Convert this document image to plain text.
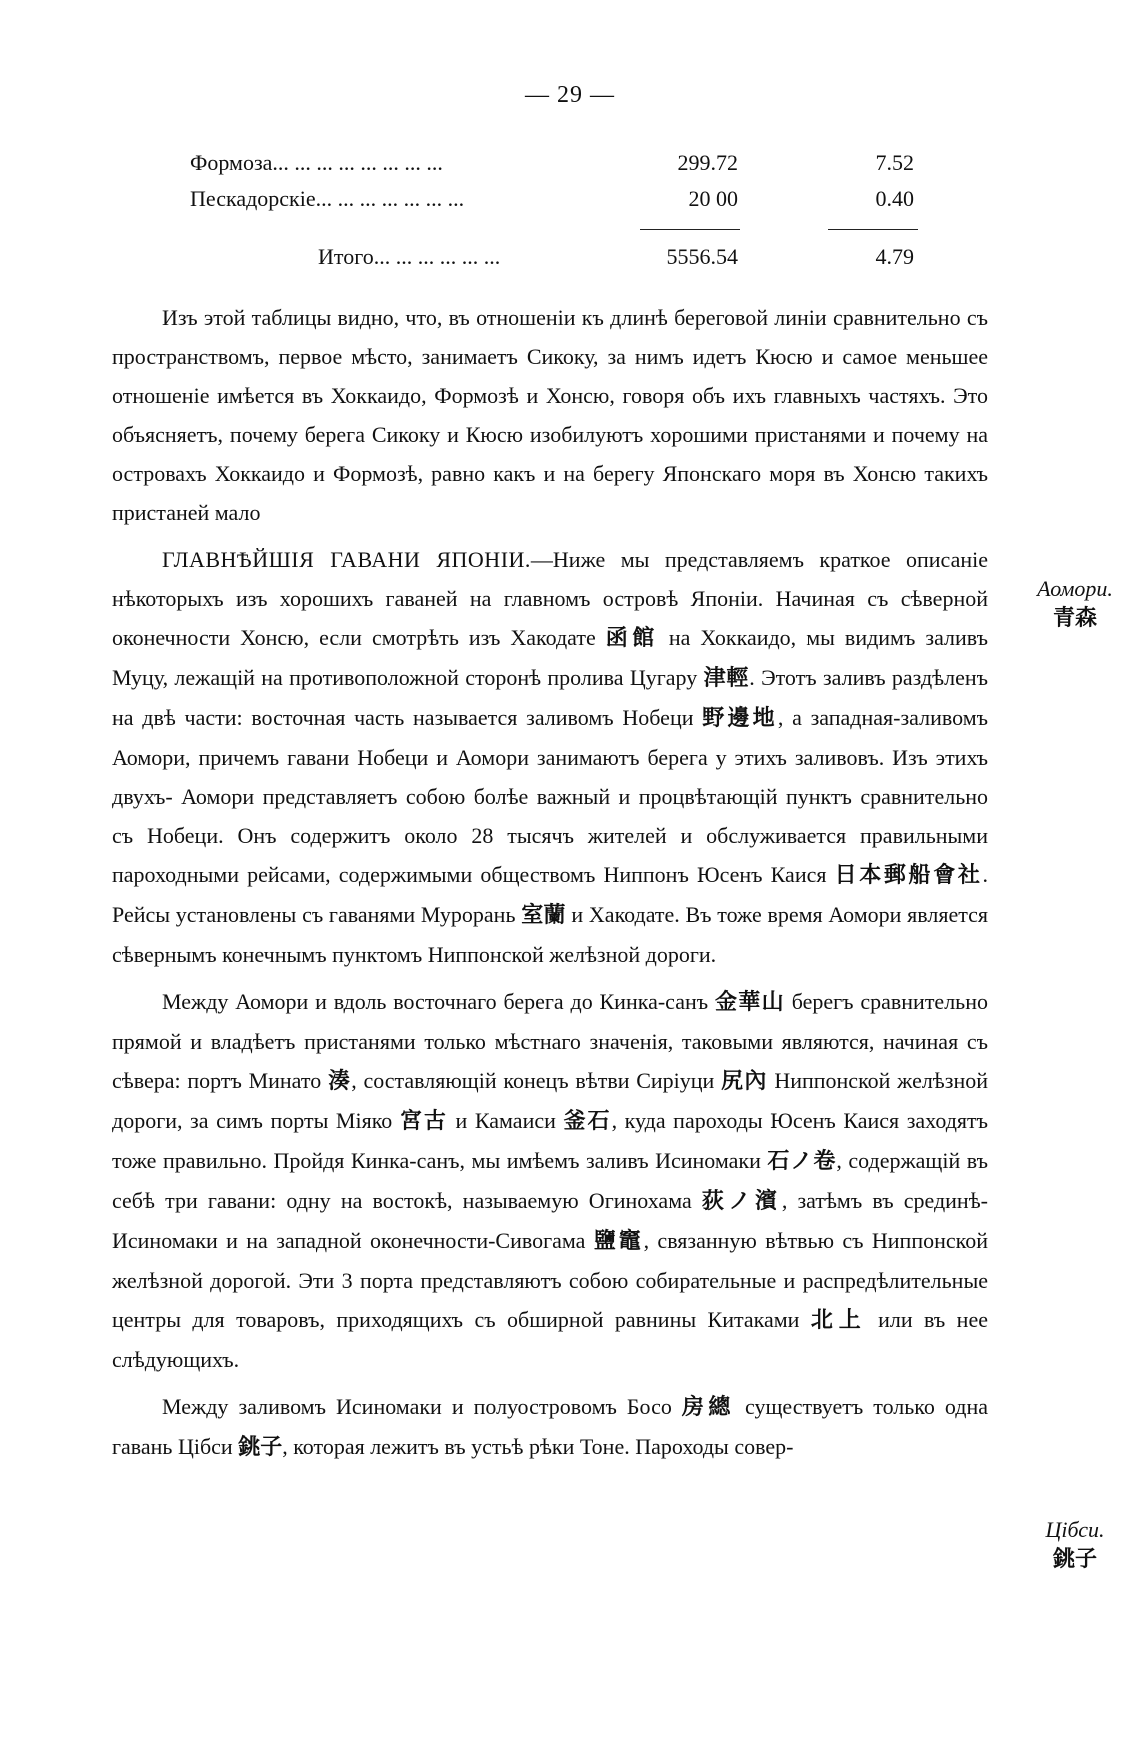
— 29 —
Формоза... ... ... ... ... ... ... ...	299.72	7.52
Пескадорскіе... ... ... ... ... ... ...	20 00	0.40
Итого... ... ... ... ... ...	5556.54	4.79

Изъ этой таблицы видно, что, въ отношеніи къ длинѣ береговой линіи сравнительно съ пространствомъ, первое мѣсто, занимаетъ Сикоку, за нимъ идетъ Кюсю и самое меньшее отношеніе имѣется въ Хоккаидо, Формозѣ и Хонсю, говоря объ ихъ главныхъ частяхъ. Это объясняетъ, почему берега Сикоку и Кюсю изобилуютъ хорошими пристанями и почему на островахъ Хоккаидо и Формозѣ, равно какъ и на берегу Японскаго моря въ Хонсю такихъ пристаней мало

ГЛАВНѢЙШІЯ ГАВАНИ ЯПОНІИ.—Ниже мы представляемъ краткое описаніе нѣкоторыхъ изъ хорошихъ гаваней на главномъ островѣ Японіи. Начиная съ сѣверной оконечности Хонсю, если смотрѣть изъ Хакодате 函館 на Хоккаидо, мы видимъ заливъ Муцу, лежащій на противоположной сторонѣ пролива Цугару 津輕. Этотъ заливъ раздѣленъ на двѣ части: восточная часть называется заливомъ Нобеци 野邊地, а западная-заливомъ Аомори, причемъ гавани Нобеци и Аомори занимаютъ берега у этихъ заливовъ. Изъ этихъ двухъ- Аомори представляетъ собою болѣе важный и процвѣтающій пунктъ сравнительно съ Нобеци. Онъ содержитъ около 28 тысячъ жителей и обслуживается правильными пароходными рейсами, содержимыми обществомъ Ниппонъ Юсенъ Каися 日本郵船會社. Рейсы установлены съ гаванями Мурорань 室蘭 и Хакодате. Въ тоже время Аомори является сѣвернымъ конечнымъ пунктомъ Ниппонской желѣзной дороги.

Между Аомори и вдоль восточнаго берега до Кинка-санъ 金華山 берегъ сравнительно прямой и владѣетъ пристанями только мѣстнаго значенія, таковыми являются, начиная съ сѣвера: портъ Минато 湊, составляющій конецъ вѣтви Сиріуци 尻內 Ниппонской желѣзной дороги, за симъ порты Міяко 宮古 и Камаиси 釜石, куда пароходы Юсенъ Каися заходятъ тоже правильно. Пройдя Кинка-санъ, мы имѣемъ заливъ Исиномаки 石ノ卷, содержащій въ себѣ три гавани: одну на востокѣ, называемую Огинохама 荻ノ濱, затѣмъ въ срединѣ- Исиномаки и на западной оконечности-Сивогама 鹽竈, связанную вѣтвью съ Ниппонской желѣзной дорогой. Эти 3 порта представляютъ собою собирательные и распредѣлительные центры для товаровъ, приходящихъ съ обширной равнины Китаками 北上 или въ нее слѣдующихъ.

Между заливомъ Исиномаки и полуостровомъ Босо 房總 существуетъ только одна гавань Цібси 銚子, которая лежитъ въ устьѣ рѣки Тоне. Пароходы совер-

Аомори.
青森
Цібси.
銚子
